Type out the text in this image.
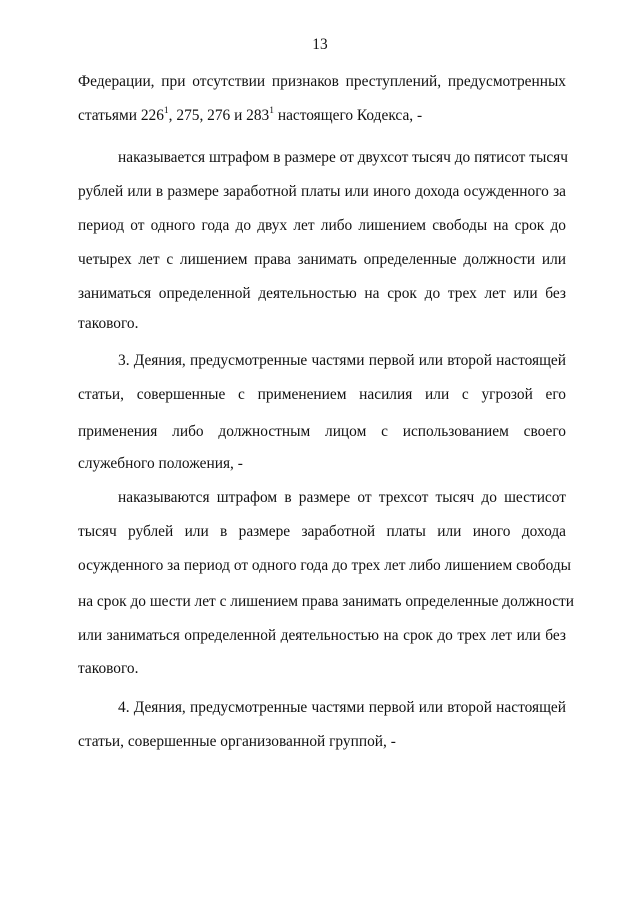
13
Федерации, при отсутствии признаков преступлений, предусмотренных
статьями $226^1$, 275, 276 и $283^1$ настоящего Кодекса, -
наказывается штрафом в размере от двухсот тысяч до пятисот тысяч
рублей или в размере заработной платы или иного дохода осужденного за
период от одного года до двух лет либо лишением свободы на срок до
четырех лет с лишением права занимать определенные должности или
заниматься определенной деятельностью на срок до трех лет или без
такового.
3. Деяния, предусмотренные частями первой или второй настоящей
статьи, совершенные с применением насилия или с угрозой его
применения либо должностным лицом с использованием своего
служебного положения, -
наказываются штрафом в размере от трехсот тысяч до шестисот
тысяч рублей или в размере заработной платы или иного дохода
осужденного за период от одного года до трех лет либо лишением свободы
на срок до шести лет с лишением права занимать определенные должности
или заниматься определенной деятельностью на срок до трех лет или без
такового.
4. Деяния, предусмотренные частями первой или второй настоящей
статьи, совершенные организованной группой, -
